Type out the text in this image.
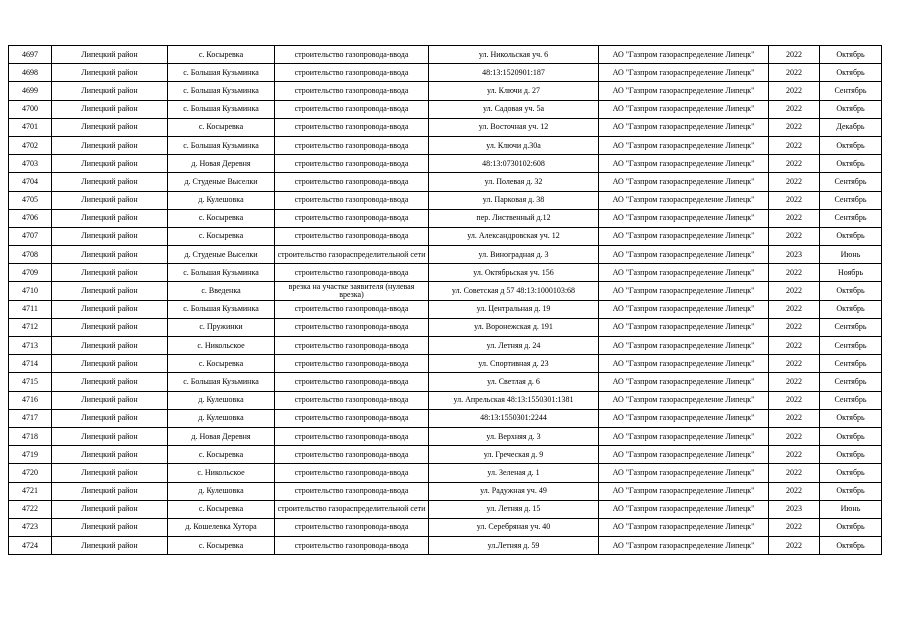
4697	Липецкий район	с. Косыревка	строительство газопровода-ввода	ул. Никольская уч. 6	АО "Газпром газораспределение Липецк"	2022	Октябрь
4698	Липецкий район	с. Большая Кузьминка	строительство газопровода-ввода	48:13:1520901:187	АО "Газпром газораспределение Липецк"	2022	Октябрь
4699	Липецкий район	с. Большая Кузьминка	строительство газопровода-ввода	ул. Ключи д. 27	АО "Газпром газораспределение Липецк"	2022	Сентябрь
4700	Липецкий район	с. Большая Кузьминка	строительство газопровода-ввода	ул. Садовая уч. 5а	АО "Газпром газораспределение Липецк"	2022	Октябрь
4701	Липецкий район	с. Косыревка	строительство газопровода-ввода	ул. Восточная уч. 12	АО "Газпром газораспределение Липецк"	2022	Декабрь
4702	Липецкий район	с. Большая Кузьминка	строительство газопровода-ввода	ул. Ключи д.30а	АО "Газпром газораспределение Липецк"	2022	Октябрь
4703	Липецкий район	д. Новая Деревня	строительство газопровода-ввода	48:13:0730102:608	АО "Газпром газораспределение Липецк"	2022	Октябрь
4704	Липецкий район	д. Студеные Выселки	строительство газопровода-ввода	ул. Полевая д. 32	АО "Газпром газораспределение Липецк"	2022	Сентябрь
4705	Липецкий район	д. Кулешовка	строительство газопровода-ввода	ул. Парковая д. 38	АО "Газпром газораспределение Липецк"	2022	Сентябрь
4706	Липецкий район	с. Косыревка	строительство газопровода-ввода	пер. Лиственный д.12	АО "Газпром газораспределение Липецк"	2022	Сентябрь
4707	Липецкий район	с. Косыревка	строительство газопровода-ввода	ул. Александровская уч. 12	АО "Газпром газораспределение Липецк"	2022	Октябрь
4708	Липецкий район	д. Студеные Выселки	строительство газораспределительной сети	ул. Виноградная д. 3	АО "Газпром газораспределение Липецк"	2023	Июнь
4709	Липецкий район	с. Большая Кузьминка	строительство газопровода-ввода	ул. Октябрьская уч. 156	АО "Газпром газораспределение Липецк"	2022	Ноябрь
4710	Липецкий район	с. Введенка	врезка на участке заявителя (нулевая врезка)	ул. Советская д 57 48:13:1000103:68	АО "Газпром газораспределение Липецк"	2022	Октябрь
4711	Липецкий район	с. Большая Кузьминка	строительство газопровода-ввода	ул. Центральная д. 19	АО "Газпром газораспределение Липецк"	2022	Октябрь
4712	Липецкий район	с. Пружинки	строительство газопровода-ввода	ул. Воронежская д. 191	АО "Газпром газораспределение Липецк"	2022	Сентябрь
4713	Липецкий район	с. Никольское	строительство газопровода-ввода	ул. Летняя д. 24	АО "Газпром газораспределение Липецк"	2022	Сентябрь
4714	Липецкий район	с. Косыревка	строительство газопровода-ввода	ул. Спортивная д. 23	АО "Газпром газораспределение Липецк"	2022	Сентябрь
4715	Липецкий район	с. Большая Кузьминка	строительство газопровода-ввода	ул. Светлая д. 6	АО "Газпром газораспределение Липецк"	2022	Сентябрь
4716	Липецкий район	д. Кулешовка	строительство газопровода-ввода	ул. Апрельская 48:13:1550301:1381	АО "Газпром газораспределение Липецк"	2022	Сентябрь
4717	Липецкий район	д. Кулешовка	строительство газопровода-ввода	48:13:1550301:2244	АО "Газпром газораспределение Липецк"	2022	Октябрь
4718	Липецкий район	д. Новая Деревня	строительство газопровода-ввода	ул. Верхняя д. 3	АО "Газпром газораспределение Липецк"	2022	Октябрь
4719	Липецкий район	с. Косыревка	строительство газопровода-ввода	ул. Греческая д. 9	АО "Газпром газораспределение Липецк"	2022	Октябрь
4720	Липецкий район	с. Никольское	строительство газопровода-ввода	ул. Зеленая д. 1	АО "Газпром газораспределение Липецк"	2022	Октябрь
4721	Липецкий район	д. Кулешовка	строительство газопровода-ввода	ул. Радужная уч. 49	АО "Газпром газораспределение Липецк"	2022	Октябрь
4722	Липецкий район	с. Косыревка	строительство газораспределительной сети	ул. Летняя д. 15	АО "Газпром газораспределение Липецк"	2023	Июнь
4723	Липецкий район	д. Кошелевка Хутора	строительство газопровода-ввода	ул. Серебряная уч. 40	АО "Газпром газораспределение Липецк"	2022	Октябрь
4724	Липецкий район	с. Косыревка	строительство газопровода-ввода	ул.Летняя д. 59	АО "Газпром газораспределение Липецк"	2022	Октябрь
